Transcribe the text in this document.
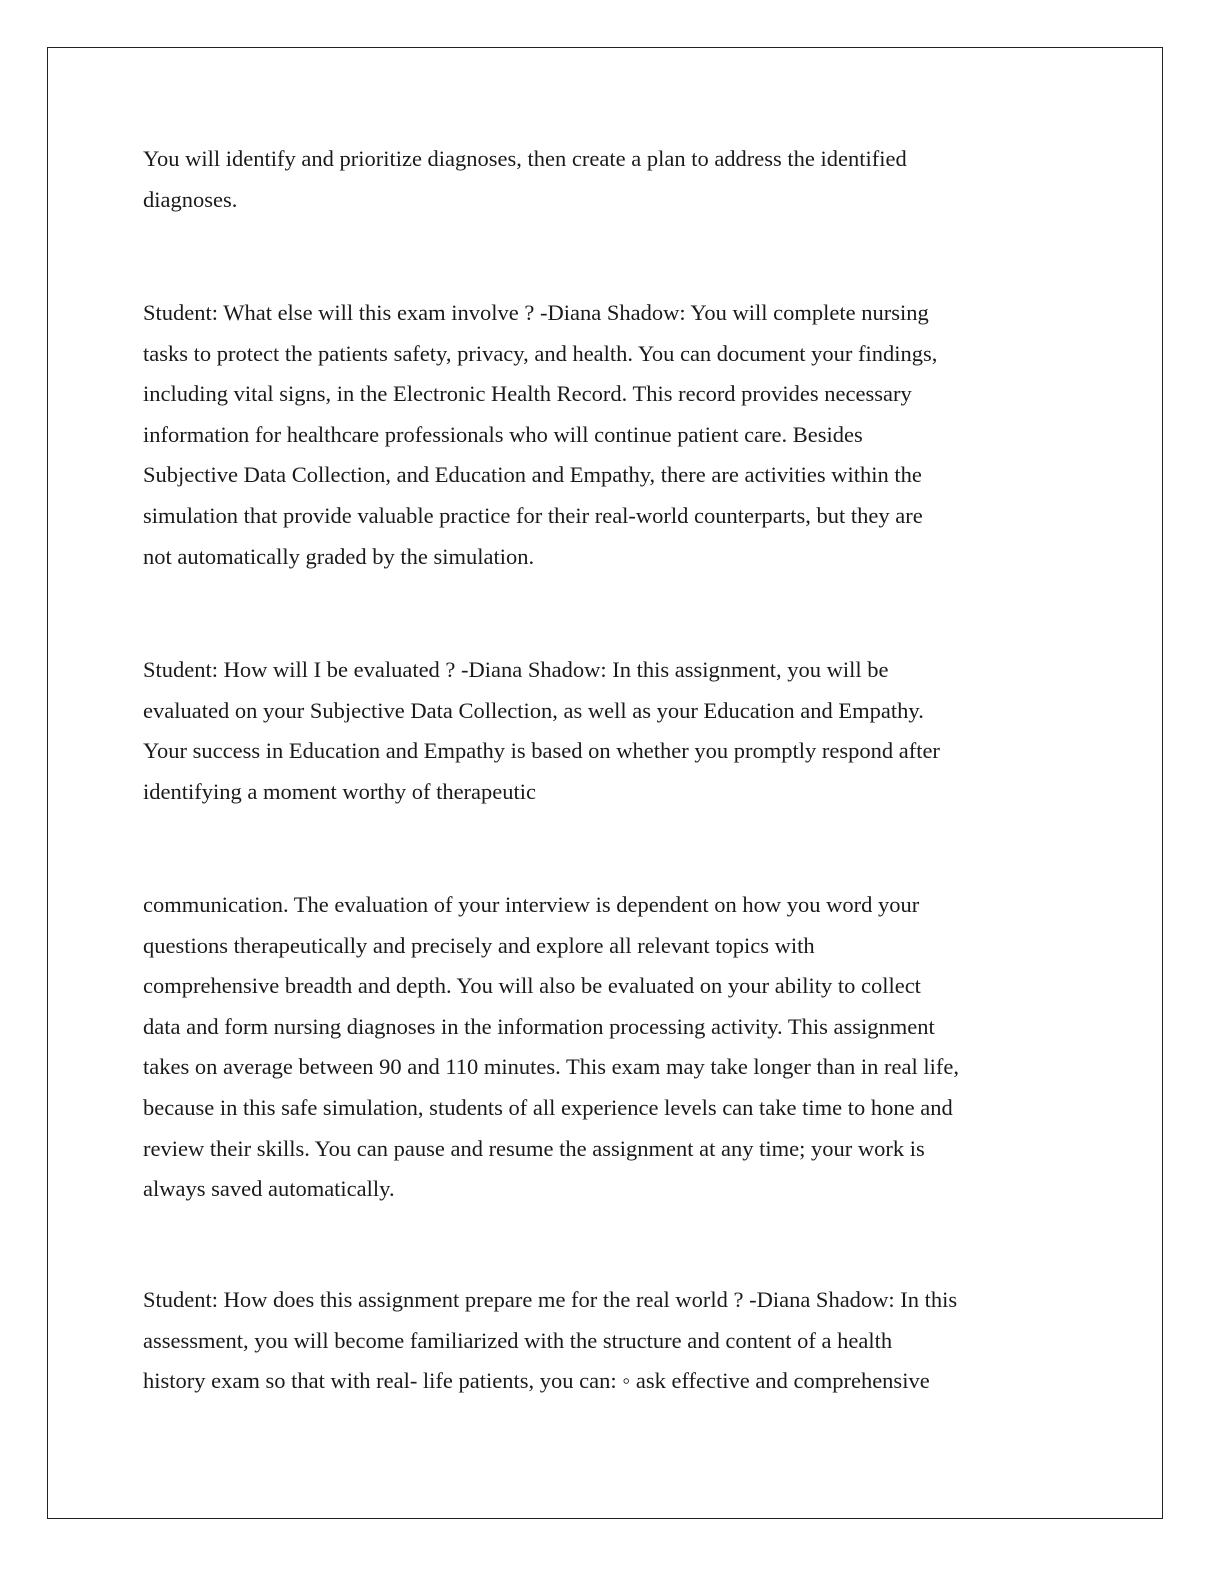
You will identify and prioritize diagnoses, then create a plan to address the identified
diagnoses.

Student: What else will this exam involve ? -Diana Shadow: You will complete nursing
tasks to protect the patients safety, privacy, and health. You can document your findings,
including vital signs, in the Electronic Health Record. This record provides necessary
information for healthcare professionals who will continue patient care. Besides
Subjective Data Collection, and Education and Empathy, there are activities within the
simulation that provide valuable practice for their real-world counterparts, but they are
not automatically graded by the simulation.

Student: How will I be evaluated ? -Diana Shadow: In this assignment, you will be
evaluated on your Subjective Data Collection, as well as your Education and Empathy.
Your success in Education and Empathy is based on whether you promptly respond after
identifying a moment worthy of therapeutic

communication. The evaluation of your interview is dependent on how you word your
questions therapeutically and precisely and explore all relevant topics with
comprehensive breadth and depth. You will also be evaluated on your ability to collect
data and form nursing diagnoses in the information processing activity. This assignment
takes on average between 90 and 110 minutes. This exam may take longer than in real life,
because in this safe simulation, students of all experience levels can take time to hone and
review their skills. You can pause and resume the assignment at any time; your work is
always saved automatically.

Student: How does this assignment prepare me for the real world ? -Diana Shadow: In this
assessment, you will become familiarized with the structure and content of a health
history exam so that with real- life patients, you can: ◦ ask effective and comprehensive
